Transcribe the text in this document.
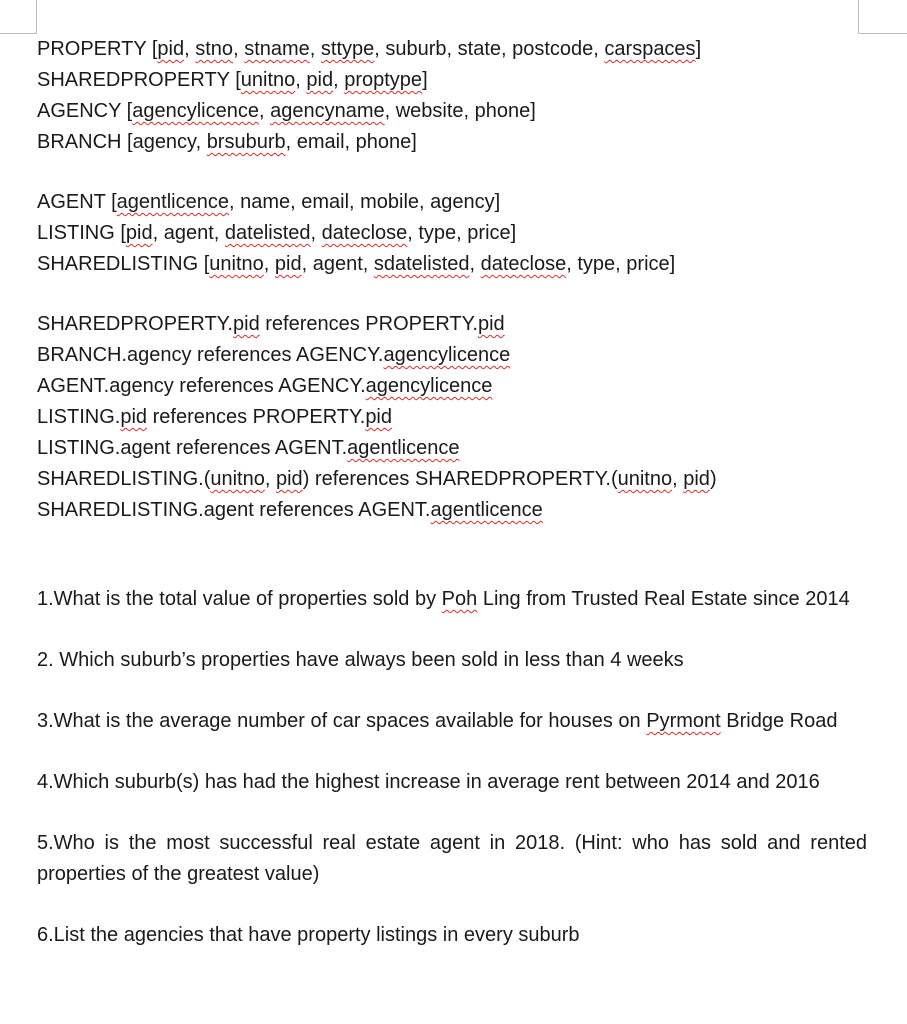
PROPERTY [pid, stno, stname, sttype, suburb, state, postcode, carspaces]
SHAREDPROPERTY [unitno, pid, proptype]
AGENCY [agencylicence, agencyname, website, phone]
BRANCH [agency, brsuburb, email, phone]
AGENT [agentlicence, name, email, mobile, agency]
LISTING [pid, agent, datelisted, dateclose, type, price]
SHAREDLISTING [unitno, pid, agent, sdatelisted, dateclose, type, price]
SHAREDPROPERTY.pid references PROPERTY.pid
BRANCH.agency references AGENCY.agencylicence
AGENT.agency references AGENCY.agencylicence
LISTING.pid references PROPERTY.pid
LISTING.agent references AGENT.agentlicence
SHAREDLISTING.(unitno, pid) references SHAREDPROPERTY.(unitno, pid)
SHAREDLISTING.agent references AGENT.agentlicence
1.What is the total value of properties sold by Poh Ling from Trusted Real Estate since 2014
2. Which suburb’s properties have always been sold in less than 4 weeks
3.What is the average number of car spaces available for houses on Pyrmont Bridge Road
4.Which suburb(s) has had the highest increase in average rent between 2014 and 2016
5.Who is the most successful real estate agent in 2018. (Hint: who has sold and rented properties of the greatest value)
6.List the agencies that have property listings in every suburb
